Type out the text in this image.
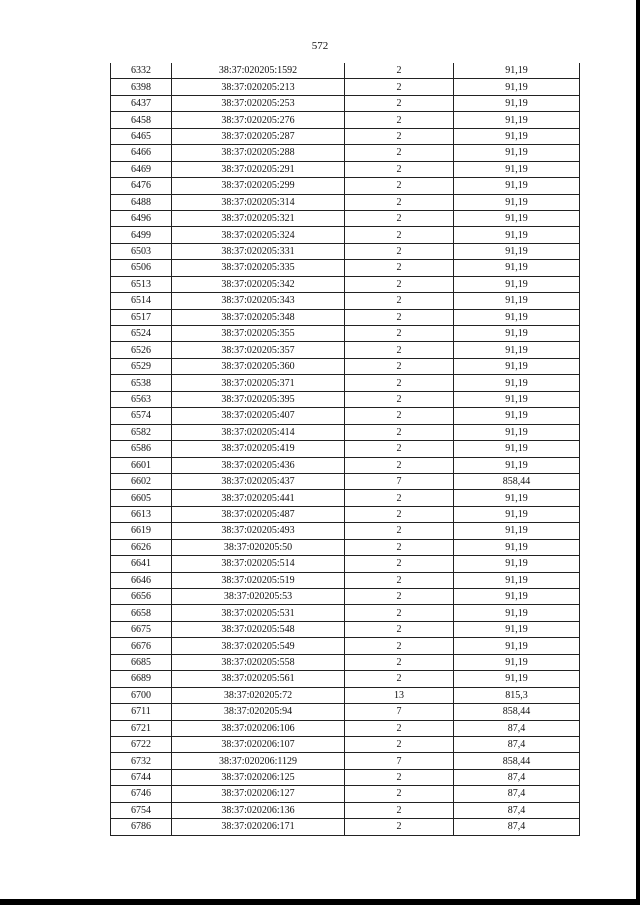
572
6332	38:37:020205:1592	2	91,19
6398	38:37:020205:213	2	91,19
6437	38:37:020205:253	2	91,19
6458	38:37:020205:276	2	91,19
6465	38:37:020205:287	2	91,19
6466	38:37:020205:288	2	91,19
6469	38:37:020205:291	2	91,19
6476	38:37:020205:299	2	91,19
6488	38:37:020205:314	2	91,19
6496	38:37:020205:321	2	91,19
6499	38:37:020205:324	2	91,19
6503	38:37:020205:331	2	91,19
6506	38:37:020205:335	2	91,19
6513	38:37:020205:342	2	91,19
6514	38:37:020205:343	2	91,19
6517	38:37:020205:348	2	91,19
6524	38:37:020205:355	2	91,19
6526	38:37:020205:357	2	91,19
6529	38:37:020205:360	2	91,19
6538	38:37:020205:371	2	91,19
6563	38:37:020205:395	2	91,19
6574	38:37:020205:407	2	91,19
6582	38:37:020205:414	2	91,19
6586	38:37:020205:419	2	91,19
6601	38:37:020205:436	2	91,19
6602	38:37:020205:437	7	858,44
6605	38:37:020205:441	2	91,19
6613	38:37:020205:487	2	91,19
6619	38:37:020205:493	2	91,19
6626	38:37:020205:50	2	91,19
6641	38:37:020205:514	2	91,19
6646	38:37:020205:519	2	91,19
6656	38:37:020205:53	2	91,19
6658	38:37:020205:531	2	91,19
6675	38:37:020205:548	2	91,19
6676	38:37:020205:549	2	91,19
6685	38:37:020205:558	2	91,19
6689	38:37:020205:561	2	91,19
6700	38:37:020205:72	13	815,3
6711	38:37:020205:94	7	858,44
6721	38:37:020206:106	2	87,4
6722	38:37:020206:107	2	87,4
6732	38:37:020206:1129	7	858,44
6744	38:37:020206:125	2	87,4
6746	38:37:020206:127	2	87,4
6754	38:37:020206:136	2	87,4
6786	38:37:020206:171	2	87,4
